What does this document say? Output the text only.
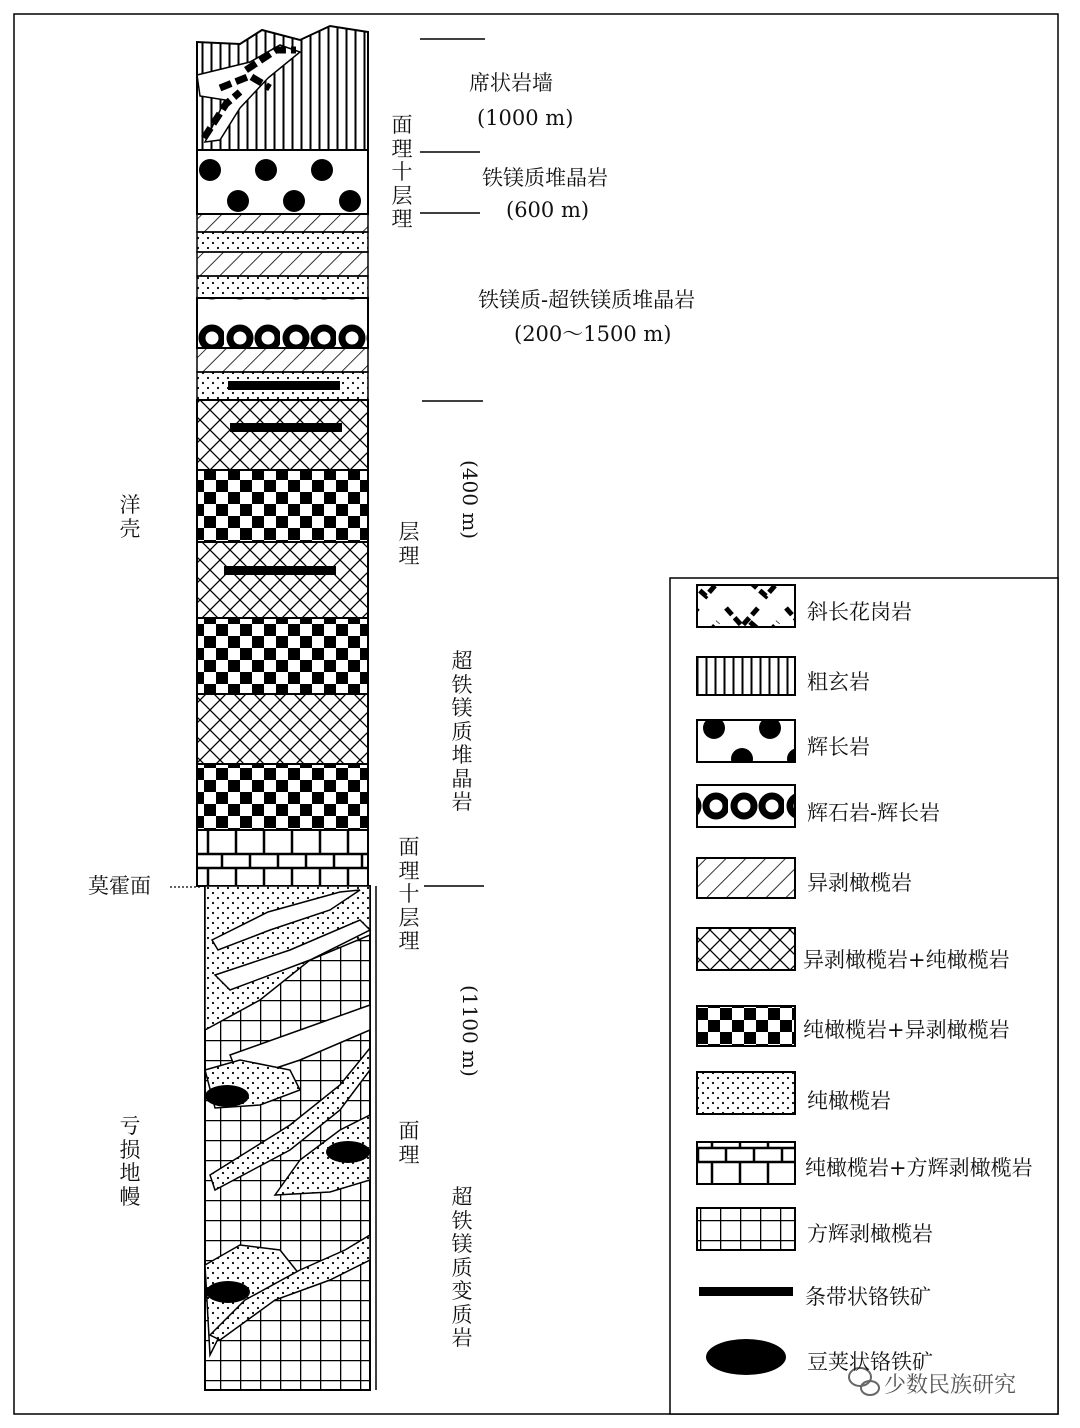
席状岩墙
(1000 m)
铁镁质堆晶岩
(600 m)
铁镁质-超铁镁质堆晶岩
(200～1500 m)
面理十层理
层理
面理十层理
面理
超铁镁质堆晶岩
超铁镁质变质岩
洋壳
亏损地幔
(400 m)
(1100 m)
莫霍面
斜长花岗岩
粗玄岩
辉长岩
辉石岩-辉长岩
异剥橄榄岩
异剥橄榄岩+纯橄榄岩
纯橄榄岩+异剥橄榄岩
纯橄榄岩
纯橄榄岩+方辉剥橄榄岩
方辉剥橄榄岩
条带状铬铁矿
豆荚状铬铁矿
少数民族研究
